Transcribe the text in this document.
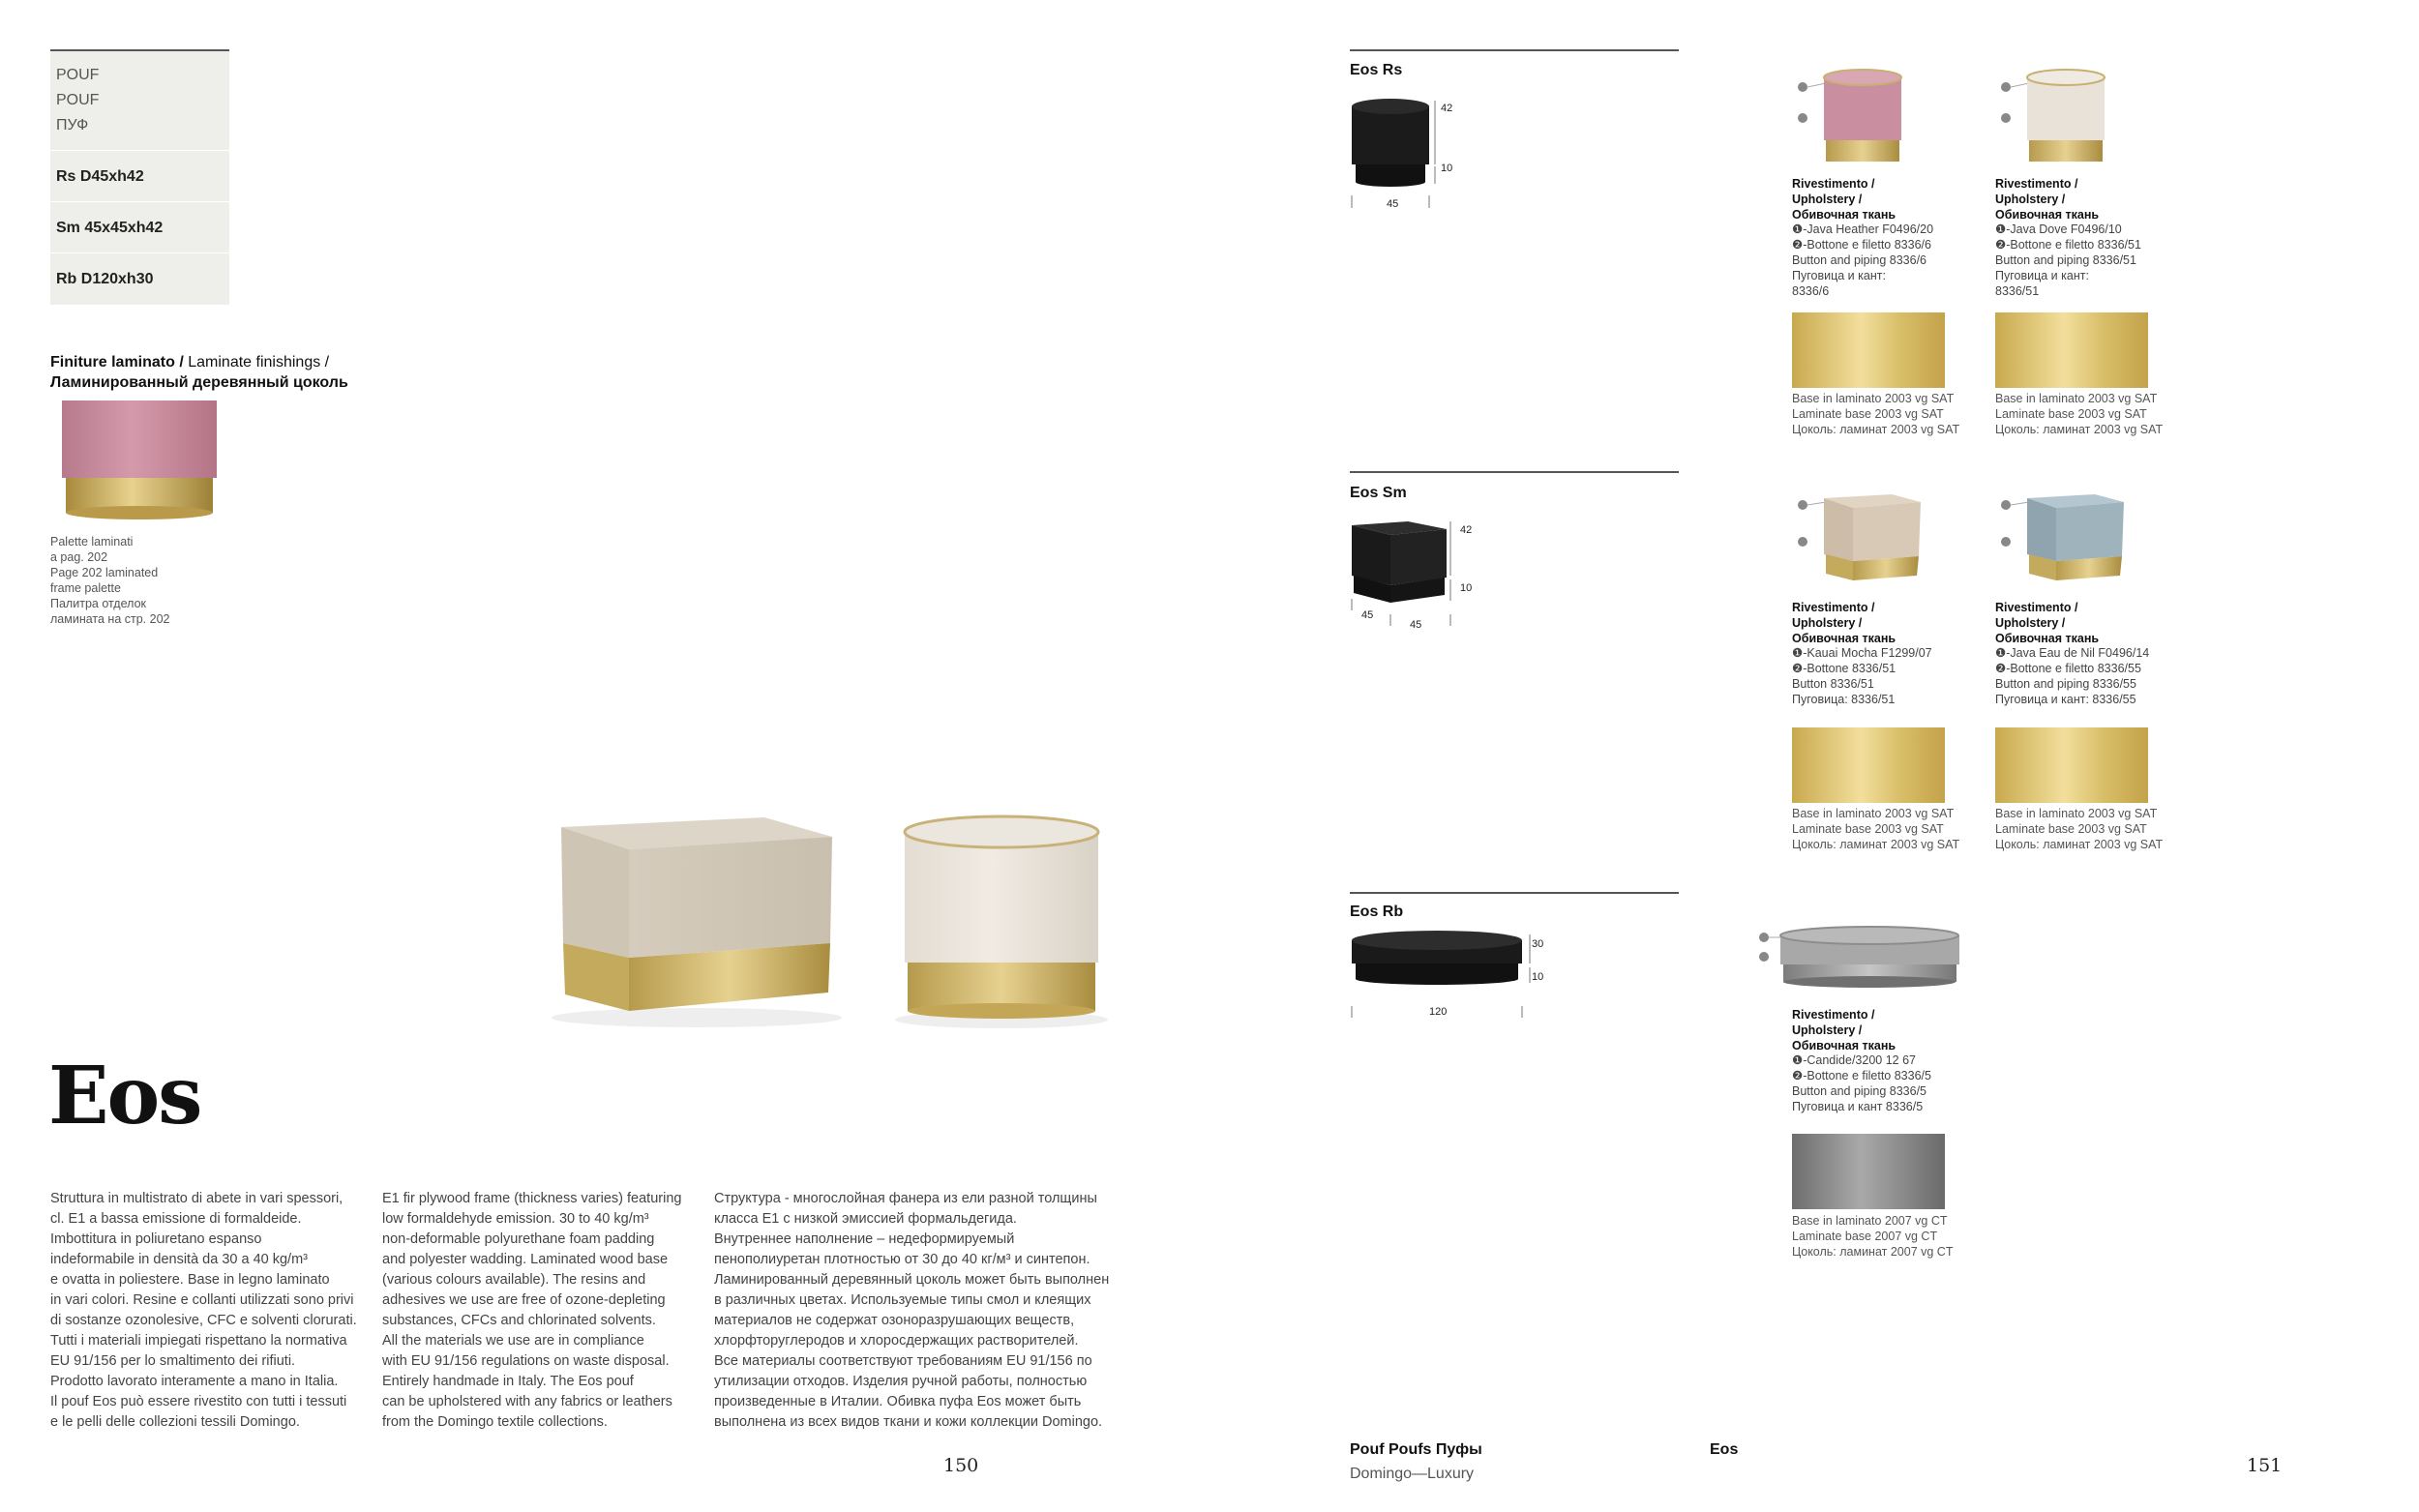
POUF
POUF
ПУФ
Rs D45xh42
Sm 45x45xh42
Rb D120xh30
Finiture laminato / Laminate finishings /
Ламинированный деревянный цоколь
Palette laminati
a pag. 202
Page 202 laminated
frame palette
Палитра отделок
ламината на стр. 202
Eos
Struttura in multistrato di abete in vari spessori,
cl. E1 a bassa emissione di formaldeide.
Imbottitura in poliuretano espanso
indeformabile in densità da 30 a 40 kg/m³
e ovatta in poliestere. Base in legno laminato
in vari colori. Resine e collanti utilizzati sono privi
di sostanze ozonolesive, CFC e solventi clorurati.
Tutti i materiali impiegati rispettano la normativa
EU 91/156 per lo smaltimento dei rifiuti.
Prodotto lavorato interamente a mano in Italia.
Il pouf Eos può essere rivestito con tutti i tessuti
e le pelli delle collezioni tessili Domingo.
E1 fir plywood frame (thickness varies) featuring
low formaldehyde emission. 30 to 40 kg/m³
non-deformable polyurethane foam padding
and polyester wadding. Laminated wood base
(various colours available). The resins and
adhesives we use are free of ozone-depleting
substances, CFCs and chlorinated solvents.
All the materials we use are in compliance
with EU 91/156 regulations on waste disposal.
Entirely handmade in Italy. The Eos pouf
can be upholstered with any fabrics or leathers
from the Domingo textile collections.
Структура - многослойная фанера из ели разной толщины
класса E1 с низкой эмиссией формальдегида.
Внутреннее наполнение – недеформируемый
пенополиуретан плотностью от 30 до 40 кг/м³ и синтепон.
Ламинированный деревянный цоколь может быть выполнен
в различных цветах. Используемые типы смол и клеящих
материалов не содержат озоноразрушающих веществ,
хлорфторуглеродов и хлоросдержащих растворителей.
Все материалы соответствуют требованиям EU 91/156 по
утилизации отходов. Изделия ручной работы, полностью
произведенные в Италии. Обивка пуфа Eos может быть
выполнена из всех видов ткани и кожи коллекции Domingo.
150
Eos Rs
42
10
45
Eos Sm
42
10
45
45
Eos Rb
30
10
120
Rivestimento /
Upholstery /
Обивочная ткань
❶-Java Heather F0496/20
❷-Bottone e filetto 8336/6
Button and piping 8336/6
Пуговица и кант:
8336/6
Base in laminato 2003 vg SAT
Laminate base 2003 vg SAT
Цоколь: ламинат 2003 vg SAT
Rivestimento /
Upholstery /
Обивочная ткань
❶-Java Dove F0496/10
❷-Bottone e filetto 8336/51
Button and piping 8336/51
Пуговица и кант:
8336/51
Base in laminato 2003 vg SAT
Laminate base 2003 vg SAT
Цоколь: ламинат 2003 vg SAT
Rivestimento /
Upholstery /
Обивочная ткань
❶-Kauai Mocha F1299/07
❷-Bottone 8336/51
Button 8336/51
Пуговица: 8336/51
Base in laminato 2003 vg SAT
Laminate base 2003 vg SAT
Цоколь: ламинат 2003 vg SAT
Rivestimento /
Upholstery /
Обивочная ткань
❶-Java Eau de Nil F0496/14
❷-Bottone e filetto 8336/55
Button and piping 8336/55
Пуговица и кант: 8336/55
Base in laminato 2003 vg SAT
Laminate base 2003 vg SAT
Цоколь: ламинат 2003 vg SAT
Rivestimento /
Upholstery /
Обивочная ткань
❶-Candide/3200 12 67
❷-Bottone e filetto 8336/5
Button and piping 8336/5
Пуговица и кант 8336/5
Base in laminato 2007 vg CT
Laminate base 2007 vg CT
Цоколь: ламинат 2007 vg CT
Pouf Poufs Пуфы
Domingo—Luxury
Eos
151
